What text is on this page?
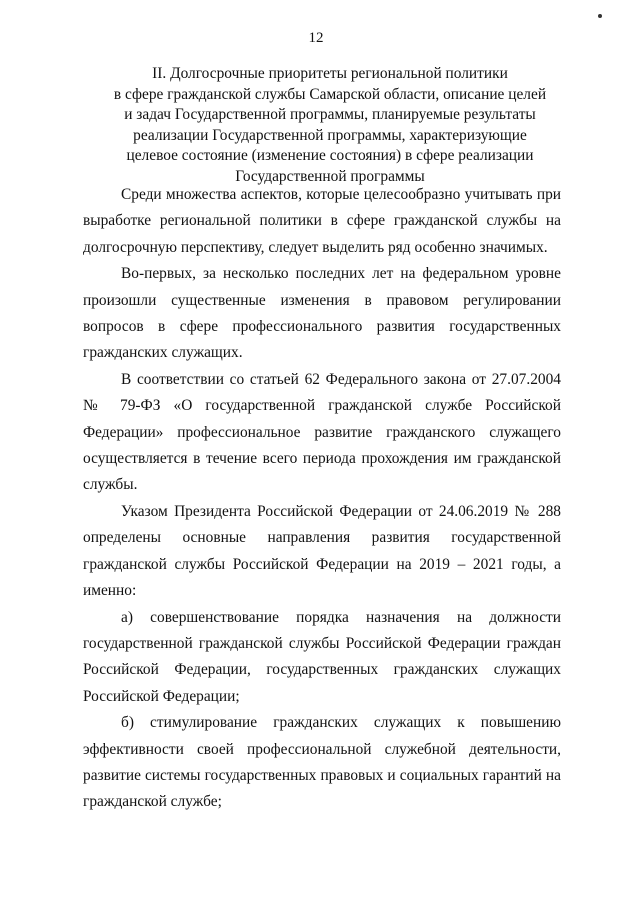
12
II. Долгосрочные приоритеты региональной политики
в сфере гражданской службы Самарской области, описание целей
и задач Государственной программы, планируемые результаты
реализации Государственной программы, характеризующие
целевое состояние (изменение состояния) в сфере реализации
Государственной программы

Среди множества аспектов, которые целесообразно учитывать при выработке региональной политики в сфере гражданской службы на долгосрочную перспективу, следует выделить ряд особенно значимых.

Во-первых, за несколько последних лет на федеральном уровне произошли существенные изменения в правовом регулировании вопросов в сфере профессионального развития государственных гражданских служащих.

В соответствии со статьей 62 Федерального закона от 27.07.2004 № 79-ФЗ «О государственной гражданской службе Российской Федерации» профессиональное развитие гражданского служащего осуществляется в течение всего периода прохождения им гражданской службы.

Указом Президента Российской Федерации от 24.06.2019 № 288 определены основные направления развития государственной гражданской службы Российской Федерации на 2019 – 2021 годы, а именно:

а) совершенствование порядка назначения на должности государственной гражданской службы Российской Федерации граждан Российской Федерации, государственных гражданских служащих Российской Федерации;

б) стимулирование гражданских служащих к повышению эффективности своей профессиональной служебной деятельности, развитие системы государственных правовых и социальных гарантий на гражданской службе;
